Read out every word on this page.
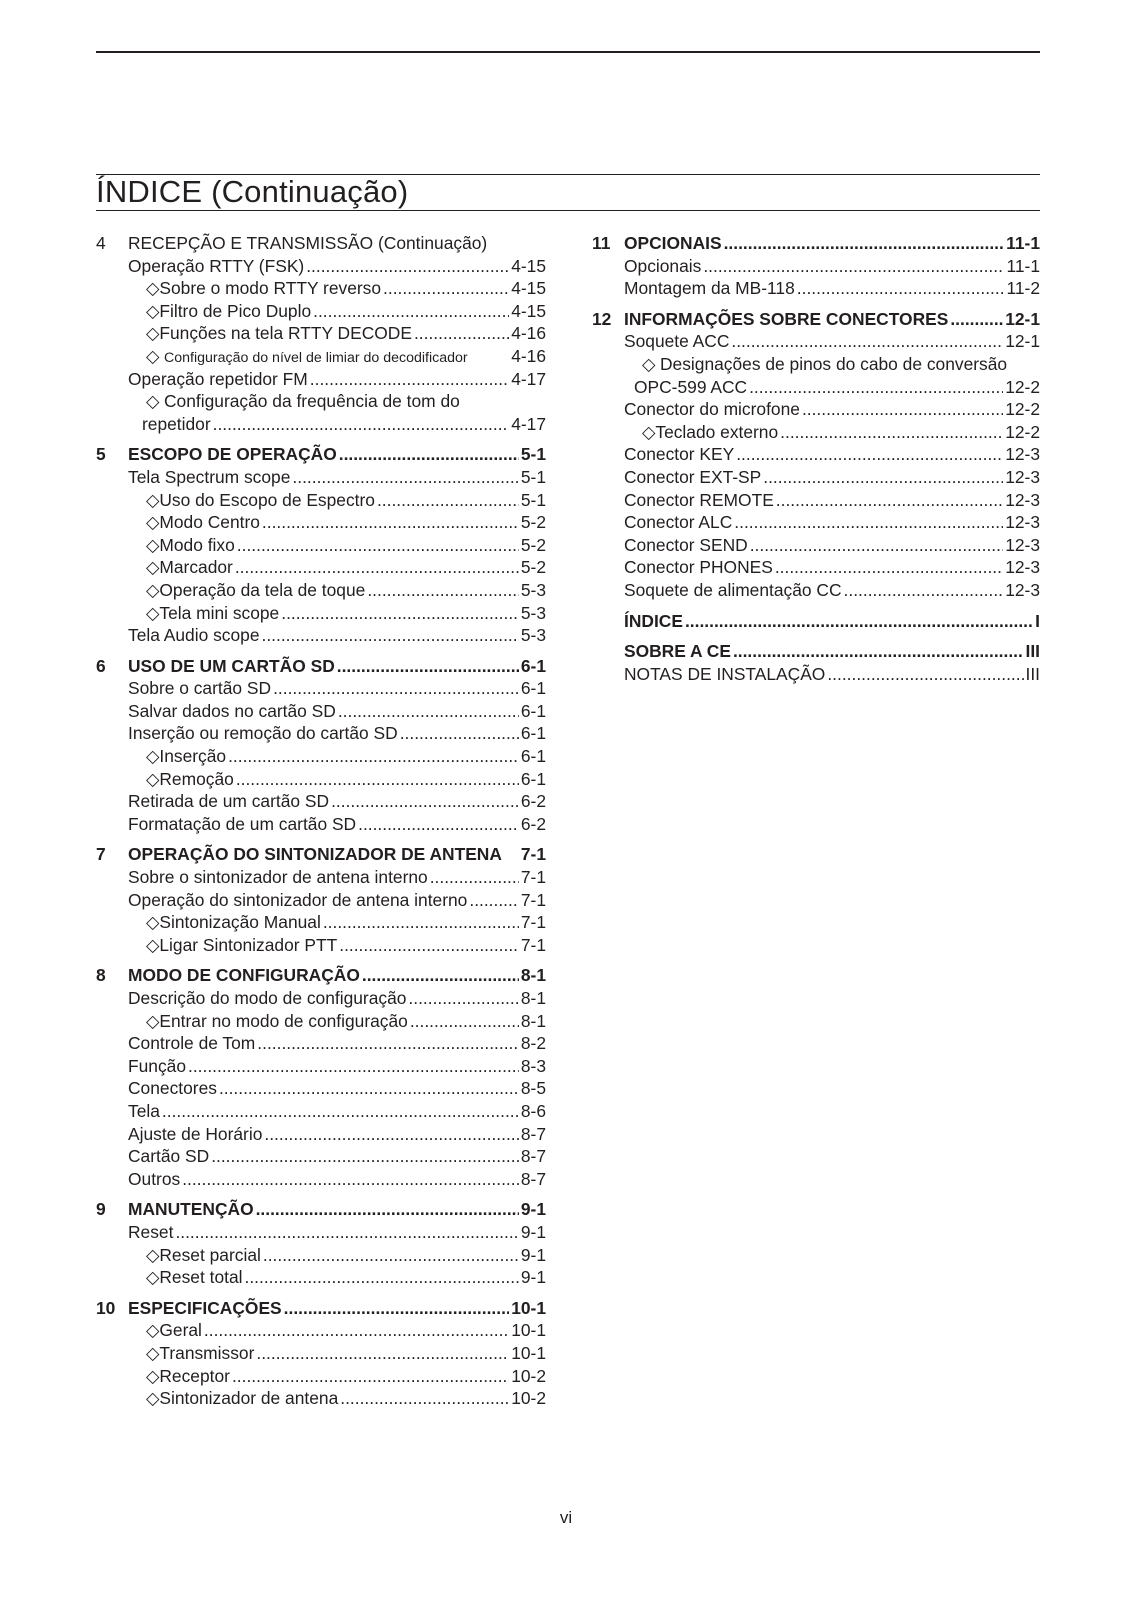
ÍNDICE (Continuação)
4	RECEPÇÃO E TRANSMISSÃO (Continuação)
Operação RTTY (FSK) .....	4-15
◇ Sobre o modo RTTY reverso .....	4-15
◇ Filtro de Pico Duplo .....	4-15
◇ Funções na tela RTTY DECODE .....	4-16
◇ Configuração do nível de limiar do decodificador	4-16
Operação repetidor FM .....	4-17
◇ Configuração da frequência de tom do
repetidor .....	4-17
5	ESCOPO DE OPERAÇÃO .....	5-1
Tela Spectrum scope .....	5-1
◇ Uso do Escopo de Espectro .....	5-1
◇ Modo Centro .....	5-2
◇ Modo fixo .....	5-2
◇ Marcador .....	5-2
◇ Operação da tela de toque .....	5-3
◇ Tela mini scope .....	5-3
Tela Audio scope .....	5-3
6	USO DE UM CARTÃO SD .....	6-1
Sobre o cartão SD .....	6-1
Salvar dados no cartão SD .....	6-1
Inserção ou remoção do cartão SD .....	6-1
◇ Inserção .....	6-1
◇ Remoção .....	6-1
Retirada de um cartão SD .....	6-2
Formatação de um cartão SD .....	6-2
7	OPERAÇÃO DO SINTONIZADOR DE ANTENA 7-1
Sobre o sintonizador de antena interno .....	7-1
Operação do sintonizador de antena interno .....	7-1
◇ Sintonização Manual .....	7-1
◇ Ligar Sintonizador PTT .....	7-1
8	MODO DE CONFIGURAÇÃO .....	8-1
Descrição do modo de configuração .....	8-1
◇ Entrar no modo de configuração .....	8-1
Controle de Tom .....	8-2
Função .....	8-3
Conectores .....	8-5
Tela .....	8-6
Ajuste de Horário .....	8-7
Cartão SD .....	8-7
Outros .....	8-7
9	MANUTENÇÃO .....	9-1
Reset .....	9-1
◇ Reset parcial .....	9-1
◇ Reset total .....	9-1
10 ESPECIFICAÇÕES .....	10-1
◇ Geral .....	10-1
◇ Transmissor .....	10-1
◇ Receptor .....	10-2
◇ Sintonizador de antena .....	10-2
11 OPCIONAIS .....	11-1
Opcionais .....	11-1
Montagem da MB-118 .....	11-2
12 INFORMAÇÕES SOBRE CONECTORES .....	12-1
Soquete ACC .....	12-1
◇ Designações de pinos do cabo de conversão
OPC-599 ACC .....	12-2
Conector do microfone .....	12-2
◇ Teclado externo .....	12-2
Conector KEY .....	12-3
Conector EXT-SP .....	12-3
Conector REMOTE .....	12-3
Conector ALC .....	12-3
Conector SEND .....	12-3
Conector PHONES .....	12-3
Soquete de alimentação CC .....	12-3
ÍNDICE .....	I
SOBRE A CE .....	III
NOTAS DE INSTALAÇÃO .....	III
vi
